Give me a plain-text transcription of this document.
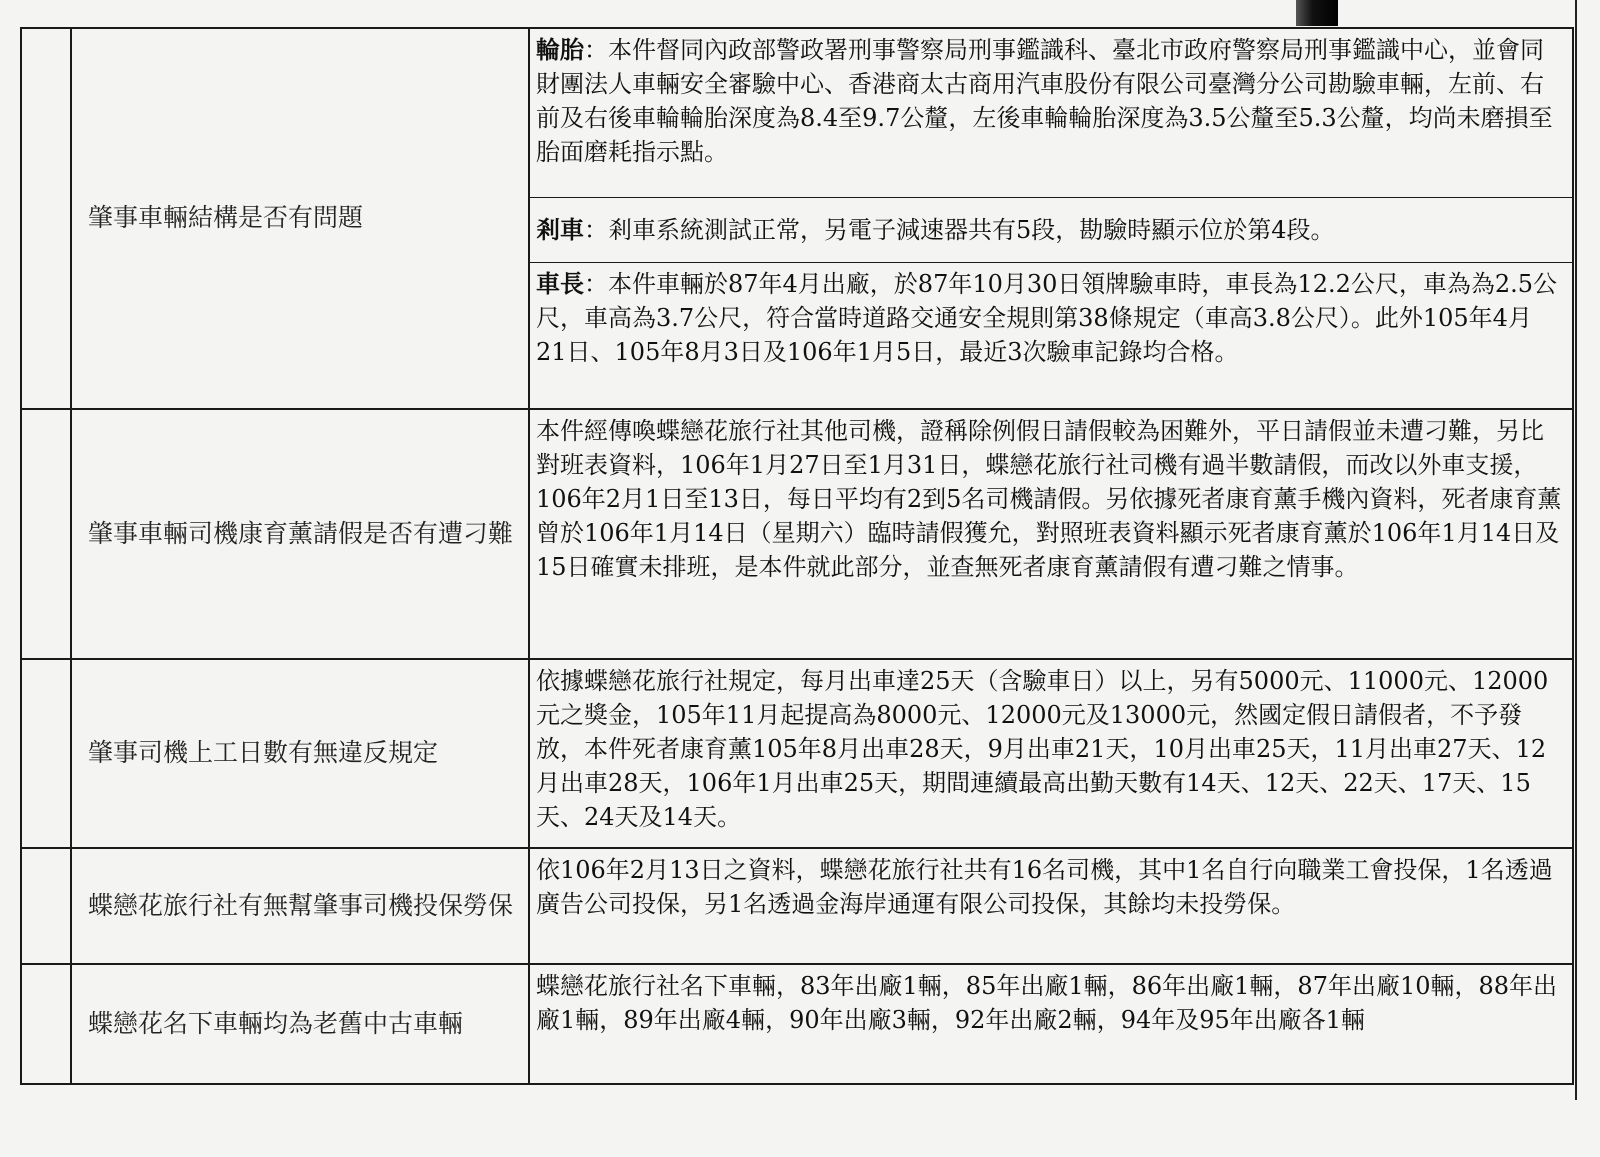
	肇事車輛結構是否有問題	輪胎：本件督同內政部警政署刑事警察局刑事鑑識科、臺北市政府警察局刑事鑑識中心，並會同財團法人車輛安全審驗中心、香港商太古商用汽車股份有限公司臺灣分公司勘驗車輛，左前、右前及右後車輪輪胎深度為8.4至9.7公釐，左後車輪輪胎深度為3.5公釐至5.3公釐，均尚未磨損至胎面磨耗指示點。
剎車：剎車系統測試正常，另電子減速器共有5段，勘驗時顯示位於第4段。
車長：本件車輛於87年4月出廠，於87年10月30日領牌驗車時，車長為12.2公尺，車為為2.5公尺，車高為3.7公尺，符合當時道路交通安全規則第38條規定（車高3.8公尺）。此外105年4月21日、105年8月3日及106年1月5日，最近3次驗車記錄均合格。

	肇事車輛司機康育薰請假是否有遭刁難	本件經傳喚蝶戀花旅行社其他司機，證稱除例假日請假較為困難外，平日請假並未遭刁難，另比對班表資料，106年1月27日至1月31日，蝶戀花旅行社司機有過半數請假，而改以外車支援，106年2月1日至13日，每日平均有2到5名司機請假。另依據死者康育薰手機內資料，死者康育薰曾於106年1月14日（星期六）臨時請假獲允，對照班表資料顯示死者康育薰於106年1月14日及15日確實未排班，是本件就此部分，並查無死者康育薰請假有遭刁難之情事。
	肇事司機上工日數有無違反規定	依據蝶戀花旅行社規定，每月出車達25天（含驗車日）以上，另有5000元、11000元、12000元之獎金，105年11月起提高為8000元、12000元及13000元，然國定假日請假者，不予發放，本件死者康育薰105年8月出車28天，9月出車21天，10月出車25天，11月出車27天、12月出車28天，106年1月出車25天，期間連續最高出勤天數有14天、12天、22天、17天、15天、24天及14天。
	蝶戀花旅行社有無幫肇事司機投保勞保	依106年2月13日之資料，蝶戀花旅行社共有16名司機，其中1名自行向職業工會投保，1名透過廣告公司投保，另1名透過金海岸通運有限公司投保，其餘均未投勞保。
	蝶戀花名下車輛均為老舊中古車輛	蝶戀花旅行社名下車輛，83年出廠1輛，85年出廠1輛，86年出廠1輛，87年出廠10輛，88年出廠1輛，89年出廠4輛，90年出廠3輛，92年出廠2輛，94年及95年出廠各1輛
